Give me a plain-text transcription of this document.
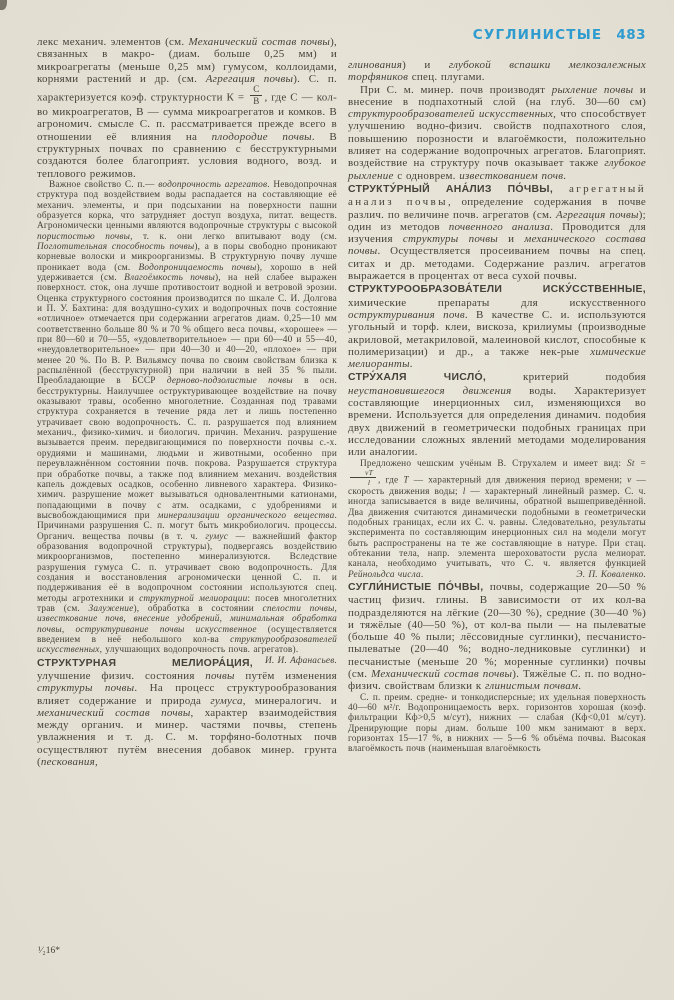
СУГЛИНИСТЫЕ 483

лекс механич. элементов (см. Механический состав почвы), связанных в макро- (диам. больше 0,25 мм) и микроагрегаты (меньше 0,25 мм) гумусом, коллоидами, корнями растений и др. (см. Агрегация почвы). С. п. характеризуется коэф. структурности $К = \frac{С}{В}$ , где С — кол-во микроагрегатов, В — сумма микроагрегатов и комков. В агрономич. смысле С. п. рассматривается прежде всего в отношении её влияния на плодородие почвы. В структурных почвах по сравнению с бесструктурными создаются более благоприят. условия водного, возд. и теплового режимов.

Важное свойство С. п.— водопрочность агрегатов. Неводопрочная структура под воздействием воды распадается на составляющие её механич. элементы, и при подсыхании на поверхности пашни образуется корка, что затрудняет доступ воздуха, питат. веществ. Агрономически ценными являются водопрочные структуры с высокой пористостью почвы, т. к. они легко впитывают воду (см. Поглотительная способность почвы), а в поры свободно проникают корневые волоски и микроорганизмы. В структурную почву лучше проникает вода (см. Водопроницаемость почвы), хорошо в ней удерживается (см. Влагоёмкость почвы), на ней слабее выражен поверхност. сток, она лучше противостоит водной и ветровой эрозии. Оценка структурного состояния производится по шкале С. И. Долгова и П. У. Бахтина: для воздушно-сухих и водопрочных почв состояние «отличное» отмечается при содержании агрегатов диам. 0,25—10 мм соответственно больше 80 % и 70 % общего веса почвы, «хорошее» — при 80—60 и 70—55, «удовлетворительное» — при 60—40 и 55—40, «неудовлетворительное» — при 40—30 и 40—20, «плохое» — при менее 20 %. По В. Р. Вильямсу почва по своим свойствам близка к распылённой (бесструктурной) при наличии в ней 35 % пыли. Преобладающие в БССР дерново-подзолистые почвы в осн. бесструктурны. Наилучшее оструктуривающее воздействие на почву оказывают травы, особенно многолетние. Созданная под травами структура сохраняется в течение ряда лет и лишь постепенно утрачивает свою водопрочность. С. п. разрушается под влиянием механич., физико-химич. и биологич. причин. Механич. разрушение вызывается преим. передвигающимися по поверхности почвы с.-х. орудиями и машинами, людьми и животными, особенно при переувлажнённом состоянии почв. покрова. Разрушается структура при обработке почвы, а также под влиянием механич. воздействия капель дождевых осадков, особенно ливневого характера. Физико-химич. разрушение может вызываться одновалентными катионами, попадающими в почву с атм. осадками, с удобрениями и высвобождающимися при минерализации органического вещества. Причинами разрушения С. п. могут быть микробиологич. процессы. Органич. вещества почвы (в т. ч. гумус — важнейший фактор образования водопрочной структуры), подвергаясь воздействию микроорганизмов, постепенно минерализуются. Вследствие разрушения гумуса С. п. утрачивает свою водопрочность. Для создания и восстановления агрономически ценной С. п. и поддерживания её в водопрочном состоянии используются спец. методы агротехники и структурной мелиорации: посев многолетних трав (см. Залужение), обработка в состоянии спелости почвы, известкование почв, внесение удобрений, минимальная обработка почвы, оструктуривание почвы искусственное (осуществляется введением в неё небольшого кол-ва структурообразователей искусственных, улучшающих водопрочность почв. агрегатов).
И. И. Афанасьев.

СТРУКТУРНАЯ МЕЛИОРА́ЦИЯ, улучшение физич. состояния почвы путём изменения структуры почвы. На процесс структурообразования влияет содержание и природа гумуса, минералогич. и механический состав почвы, характер взаимодействия между органич. и минер. частями почвы, степень увлажнения и т. д. С. м. торфяно-болотных почв осуществляют путём внесения добавок минер. грунта (пескования,

глинования) и глубокой вспашки мелкозалежных торфяников спец. плугами.

При С. м. минер. почв производят рыхление почвы и внесение в подпахотный слой (на глуб. 30—60 см) структурообразователей искусственных, что способствует улучшению водно-физич. свойств подпахотного слоя, повышению порозности и влагоёмкости, положительно влияет на содержание водопрочных агрегатов. Благоприят. воздействие на структуру почв оказывает также глубокое рыхление с одноврем. известкованием почв.

СТРУКТУ́РНЫЙ АНА́ЛИЗ ПО́ЧВЫ, агрегатный анализ почвы, определение содержания в почве различ. по величине почв. агрегатов (см. Агрегация почвы); один из методов почвенного анализа. Проводится для изучения структуры почвы и механического состава почвы. Осуществляется просеиванием почвы на спец. ситах и др. методами. Содержание различ. агрегатов выражается в процентах от веса сухой почвы.

СТРУКТУРООБРАЗОВА́ТЕЛИ ИСКУ́ССТВЕННЫЕ, химические препараты для искусственного оструктуривания почв. В качестве С. и. используются угольный и торф. клеи, вискоза, крилиумы (производные акриловой, метакриловой, малеиновой кислот, способные к полимеризации) и др., а также нек-рые химические мелиоранты.

СТРУ́ХАЛЯ ЧИСЛО́, критерий подобия неустановившегося движения воды. Характеризует составляющие инерционных сил, изменяющихся во времени. Используется для определения динамич. подобия двух движений в геометрически подобных границах при исследовании сложных явлений методами моделирования или аналогии.

Предложено чешским учёным В. Струхалем и имеет вид: St =
$\frac{vT}{l}$ , где T — характерный для движения период времени; v — скорость движения воды; l — характерный линейный размер. С. ч. иногда записывается в виде величины, обратной вышеприведённой. Два движения считаются динамически подобными в геометрически подобных границах, если их С. ч. равны. Следовательно, результаты эксперимента по составляющим инерционных сил на модели могут быть распространены на те же составляющие в натуре. При стац. обтекании тела, напр. элемента шероховатости русла мелиорат. канала, необходимо учитывать, что С. ч. является функцией Рейнольдса числа.	Э. П. Коваленко.

СУГЛИ́НИСТЫЕ ПО́ЧВЫ, почвы, содержащие 20—50 % частиц физич. глины. В зависимости от их кол-ва подразделяются на лёгкие (20—30 %), средние (30—40 %) и тяжёлые (40—50 %), от кол-ва пыли — на пылеватые (больше 40 % пыли; лёссовидные суглинки), песчанисто-пылеватые (20—40 %; водно-ледниковые суглинки) и песчанистые (меньше 20 %; моренные суглинки) почвы (см. Механический состав почвы). Тяжёлые С. п. по водно-физич. свойствам близки к глинистым почвам.

С. п. преим. средне- и тонкодисперсные; их удельная поверхность 40—60 м²/г. Водопроницаемость верх. горизонтов хорошая (коэф. фильтрации Кф>0,5 м/сут), нижних — слабая (Кф<0,01 м/сут). Дренирующие поры диам. больше 100 мкм занимают в верх. горизонтах 15—17 %, в нижних — 5—6 % объёма почвы. Высокая влагоёмкость почв (наименьшая влагоёмкость

¹⁄₂16*
